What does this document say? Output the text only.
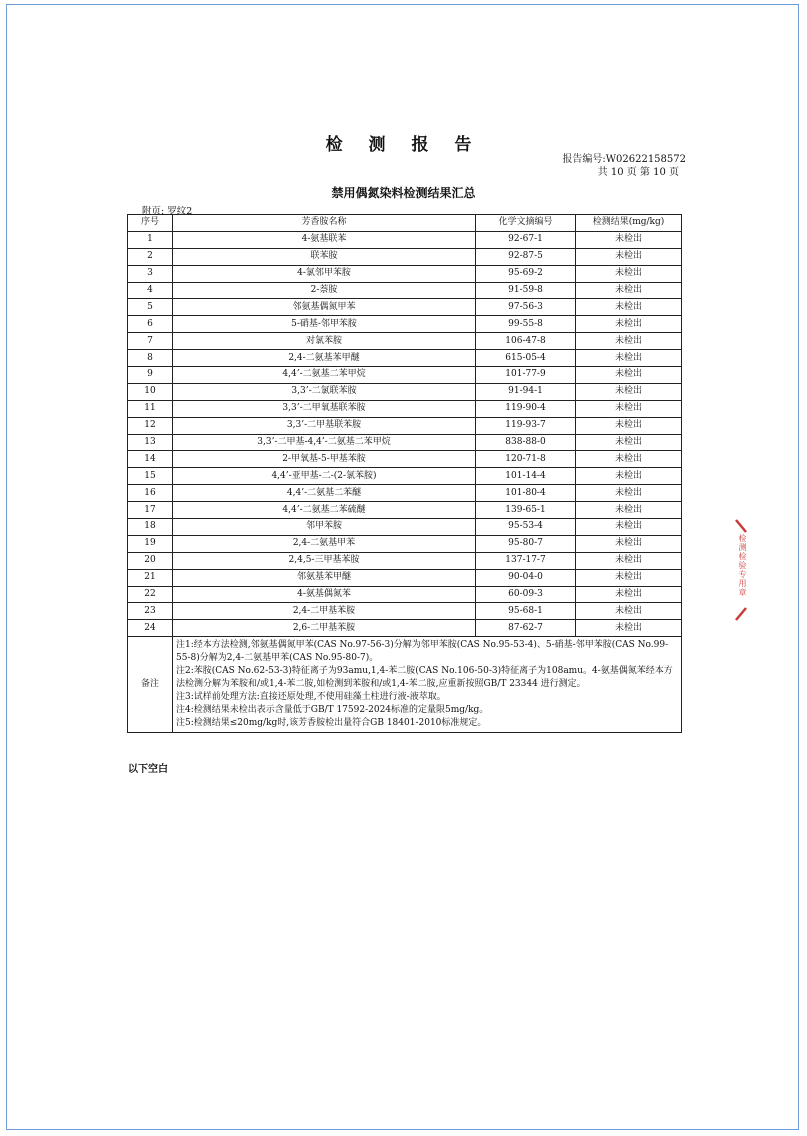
检 测 报 告
报告编号:W02622158572
共 10 页 第 10 页
禁用偶氮染料检测结果汇总
附页: 罗纹2
序号	芳香胺名称	化学文摘编号	检测结果(mg/kg)
1	4-氨基联苯	92-67-1	未检出
2	联苯胺	92-87-5	未检出
3	4-氯邻甲苯胺	95-69-2	未检出
4	2-萘胺	91-59-8	未检出
5	邻氨基偶氮甲苯	97-56-3	未检出
6	5-硝基-邻甲苯胺	99-55-8	未检出
7	对氯苯胺	106-47-8	未检出
8	2,4-二氨基苯甲醚	615-05-4	未检出
9	4,4’-二氨基二苯甲烷	101-77-9	未检出
10	3,3’-二氯联苯胺	91-94-1	未检出
11	3,3’-二甲氧基联苯胺	119-90-4	未检出
12	3,3’-二甲基联苯胺	119-93-7	未检出
13	3,3’-二甲基-4,4’-二氨基二苯甲烷	838-88-0	未检出
14	2-甲氧基-5-甲基苯胺	120-71-8	未检出
15	4,4’-亚甲基-二-(2-氯苯胺)	101-14-4	未检出
16	4,4’-二氨基二苯醚	101-80-4	未检出
17	4,4’-二氨基二苯硫醚	139-65-1	未检出
18	邻甲苯胺	95-53-4	未检出
19	2,4-二氨基甲苯	95-80-7	未检出
20	2,4,5-三甲基苯胺	137-17-7	未检出
21	邻氨基苯甲醚	90-04-0	未检出
22	4-氨基偶氮苯	60-09-3	未检出
23	2,4-二甲基苯胺	95-68-1	未检出
24	2,6-二甲基苯胺	87-62-7	未检出
备注	注1:经本方法检测,邻氨基偶氮甲苯(CAS No.97-56-3)分解为邻甲苯胺(CAS No.95-53-4)、5-硝基-邻甲苯胺(CAS No.99-55-8)分解为2,4-二氨基甲苯(CAS No.95-80-7)。
注2:苯胺(CAS No.62-53-3)特征离子为93amu,1,4-苯二胺(CAS No.106-50-3)特征离子为108amu。4-氨基偶氮苯经本方法检测分解为苯胺和/或1,4-苯二胺,如检测到苯胺和/或1,4-苯二胺,应重新按照GB/T 23344 进行测定。
注3:试样前处理方法:直接还原处理,不使用硅藻土柱进行液-液萃取。
注4:检测结果未检出表示含量低于GB/T 17592-2024标准的定量限5mg/kg。
注5:检测结果≤20mg/kg时,该芳香胺检出量符合GB 18401-2010标准规定。		
以下空白
检测检验专用章
